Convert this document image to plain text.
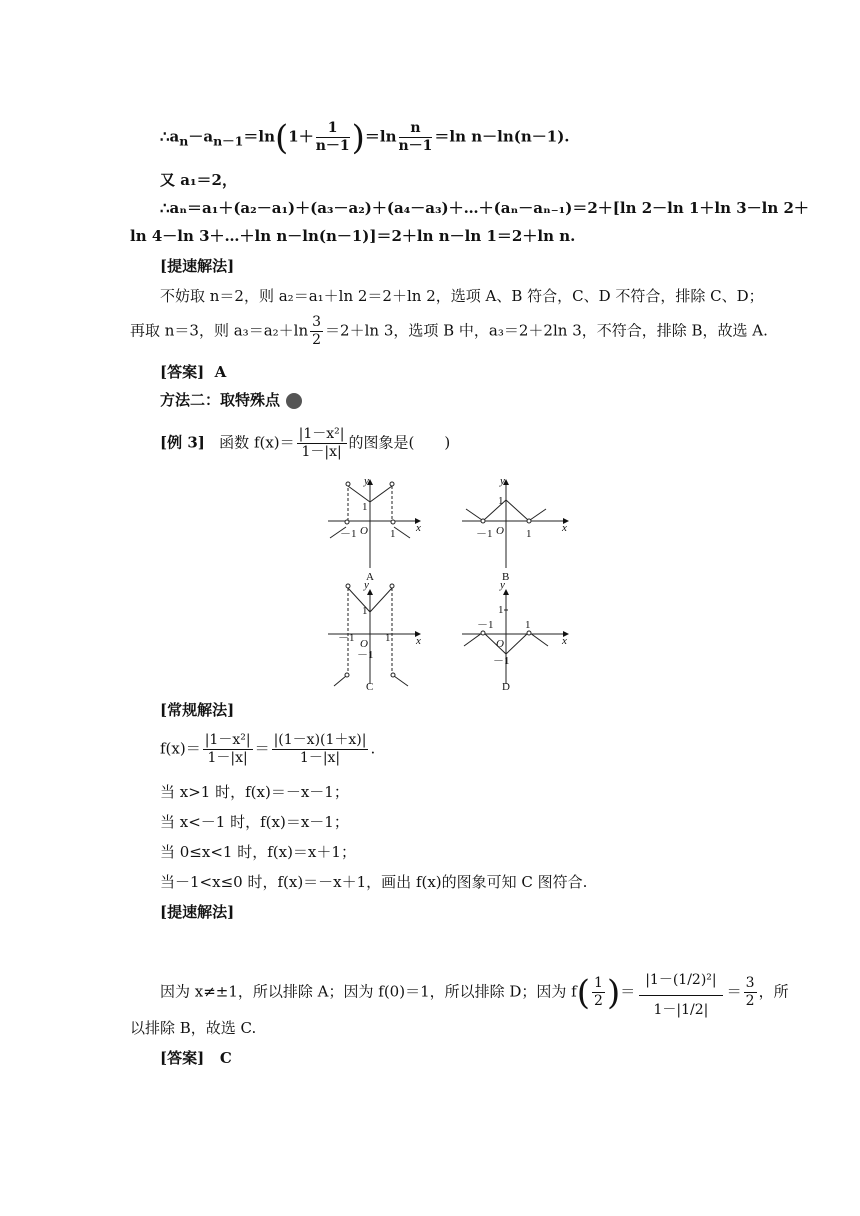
$\therefore a_n-a_{n-1}=\ln(1+ \frac{1}{n-1} )=\ln \frac{n}{n-1} =\ln$ n－ln(n－1).
又 a₁＝2，
∴aₙ＝a₁＋(a₂－a₁)＋(a₃－a₂)＋(a₄－a₃)＋…＋(aₙ－aₙ₋₁)＝2＋[ln 2－ln 1＋ln 3－ln 2＋
ln 4－ln 3＋…＋ln n－ln(n－1)]＝2＋ln n－ln 1＝2＋ln n.
[提速解法]
不妨取 n＝2，则 a₂＝a₁＋ln 2＝2＋ln 2，选项 A、B 符合，C、D 不符合，排除 C、D；
再取 n＝3，则 $a_3=a_2+\ln \frac{3}{2} =2+\ln$ 3，选项 B 中，a₃＝2＋2ln 3，不符合，排除 B，故选 A.
[答案] A
方法二：取特殊点
[例 3] 函数 $f(x)= \frac{\text{|1－x²|}}{1-|x|}$ 的图象是(　　)
y
x
y
x
y
x
y
x
O	O
O	O
1
－1	1
A
1
－1	1
B
1
－1	1
－1
C
1
－1	1
－1
D
[常规解法]
$f(x)= \frac{\text{|1－x²|}}{1-|x|} = \frac{|(1-x)(1+x)|}{1-|x|}$ .
当 x>1 时，f(x)＝－x－1；
当 x<－1 时，f(x)＝x－1；
当 0≤x<1 时，f(x)＝x＋1；
当－1<x≤0 时，f(x)＝－x＋1，画出 f(x)的图象可知 C 图符合.
[提速解法]
因为 x≠±1，所以排除 A；因为 f(0)＝1，所以排除 D；因为 $f( \frac{1}{2}$ )＝ $\frac{\text{|1－(1/2)²|}}{1-|1/2|} = \frac{3}{2}$ ，所
以排除 B，故选 C.
[答案] C
